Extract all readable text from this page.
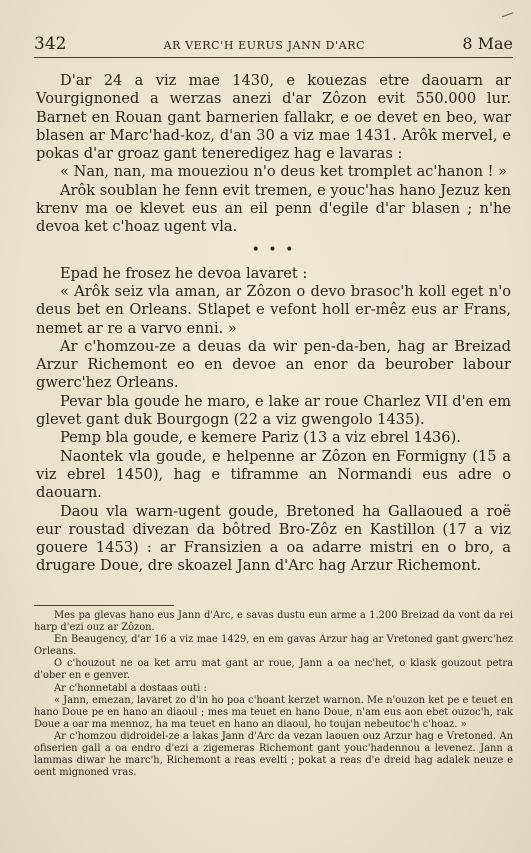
342	AR VERC'H EURUS JANN D'ARC	8 Mae

D'ar 24 a viz mae 1430, e kouezas etre daouarn ar Vourgignoned a werzas anezi d'ar Zôzon evit 550.000 lur. Barnet en Rouan gant barnerien fallakr, e oe devet en beo, war blasen ar Marc'had-koz, d'an 30 a viz mae 1431. Arôk mervel, e pokas d'ar groaz gant teneredigez hag e lavaras :

« Nan, nan, ma moueziou n'o deus ket tromplet ac'hanon ! »

Arôk soublan he fenn evit tremen, e youc'has hano Jezuz ken krenv ma oe klevet eus an eil penn d'egile d'ar blasen ; n'he devoa ket c'hoaz ugent vla.

• • •

Epad he frosez he devoa lavaret :

« Arôk seiz vla aman, ar Zôzon o devo brasoc'h koll eget n'o deus bet en Orleans. Stlapet e vefont holl er-mêz eus ar Frans, nemet ar re a varvo enni. »

Ar c'homzou-ze a deuas da wir pen-da-ben, hag ar Breizad Arzur Richemont eo en devoe an enor da beurober labour gwerc'hez Orleans.

Pevar bla goude he maro, e lake ar roue Charlez VII d'en em glevet gant duk Bourgogn (22 a viz gwengolo 1435).

Pemp bla goude, e kemere Pariz (13 a viz ebrel 1436).

Naontek vla goude, e helpenne ar Zôzon en Formigny (15 a viz ebrel 1450), hag e tiframme an Normandi eus adre o daouarn.

Daou vla warn-ugent goude, Bretoned ha Gallaoued a roë eur roustad divezan da bôtred Bro-Zôz en Kastillon (17 a viz gouere 1453) : ar Fransizien a oa adarre mistri en o bro, a drugare Doue, dre skoazel Jann d'Arc hag Arzur Richemont.

Mes pa glevas hano eus Jann d'Arc, e savas dustu eun arme a 1.200 Breizad da vont da rei harp d'ezi ouz ar Zôzon.

En Beaugency, d'ar 16 a viz mae 1429, en em gavas Arzur hag ar Vretoned gant gwerc'hez Orleans.

O c'houzout ne oa ket arru mat gant ar roue, Jann a oa nec'het, o klask gouzout petra d'ober en e genver.

Ar c'honnetabl a dostaas outi :

« Jann, emezan, lavaret zo d'in ho poa c'hoant kerzet warnon. Me n'ouzon ket pe e teuet en hano Doue pe en hano an diaoul ; mes ma teuet en hano Doue, n'am eus aon ebet ouzoc'h, rak Doue a oar ma mennoz, ha ma teuet en hano an diaoul, ho toujan nebeutoc'h c'hoaz. »

Ar c'homzou didroidel-ze a lakas Jann d'Arc da vezan laouen ouz Arzur hag e Vretoned. An ofiserien gall a oa endro d'ezi a zigemeras Richemont gant youc'hadennou a levenez. Jann a lammas diwar he marc'h, Richemont a reas evelti ; pokat a reas d'e dreid hag adalek neuze e oent mignoned vras.
